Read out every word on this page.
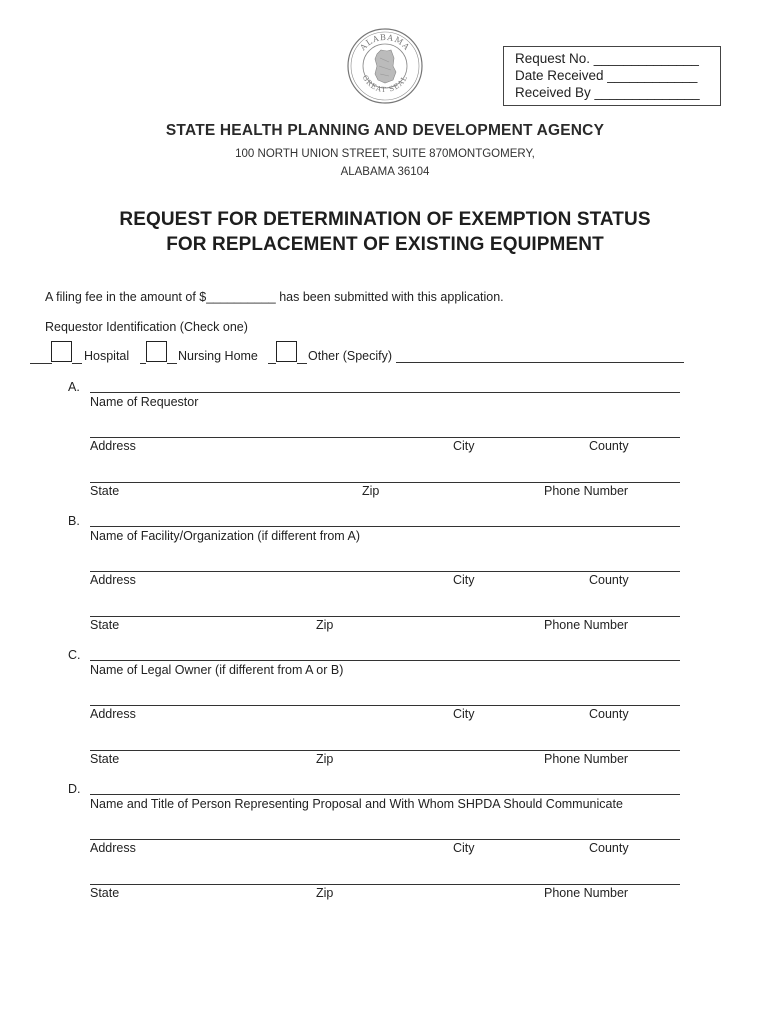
ALABAMA
GREAT SEAL
Request No. ______________
Date Received ____________
Received By ______________
STATE HEALTH PLANNING AND DEVELOPMENT AGENCY
100 NORTH UNION STREET, SUITE 870MONTGOMERY,
ALABAMA 36104
REQUEST FOR DETERMINATION OF EXEMPTION STATUS
FOR REPLACEMENT OF EXISTING EQUIPMENT
A filing fee in the amount of $__________ has been submitted with this application.
Requestor Identification (Check one)
Hospital	Nursing Home	Other (Specify)
A.
Name of Requestor
Address	City	County
State	Zip	Phone Number
B.
Name of Facility/Organization (if different from A)
Address	City	County
State	Zip	Phone Number
C.
Name of Legal Owner (if different from A or B)
Address	City	County
State	Zip	Phone Number
D.
Name and Title of Person Representing Proposal and With Whom SHPDA Should Communicate
Address	City	County
State	Zip	Phone Number
